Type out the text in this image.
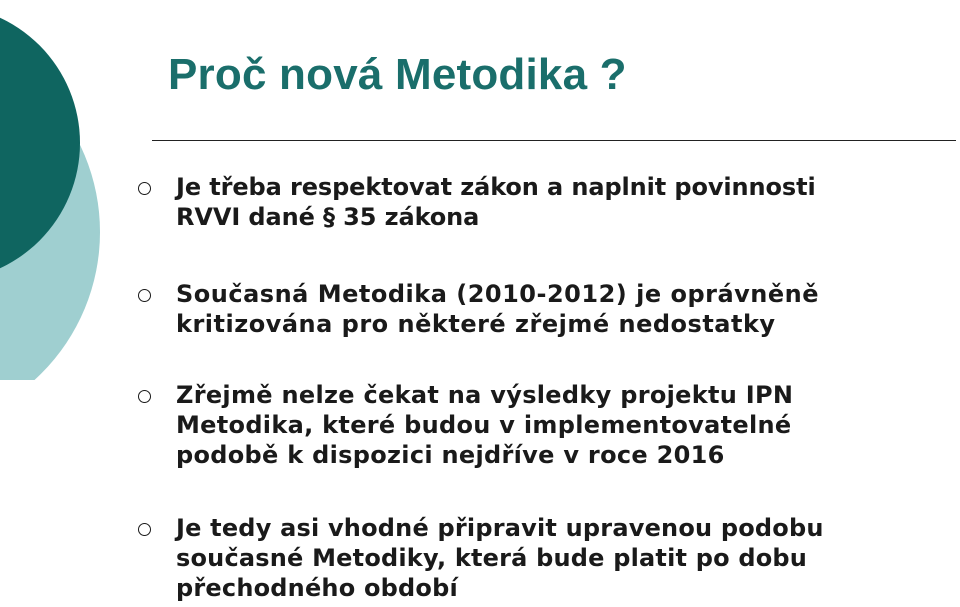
Proč nová Metodika ?
Je třeba respektovat zákon a naplnit povinnosti
RVVI dané § 35 zákona
Současná Metodika (2010-2012) je oprávněně
kritizována pro některé zřejmé nedostatky
Zřejmě nelze čekat na výsledky projektu IPN
Metodika, které budou v implementovatelné
podobě k dispozici nejdříve v roce 2016
Je tedy asi vhodné připravit upravenou podobu
současné Metodiky, která bude platit po dobu
přechodného období
